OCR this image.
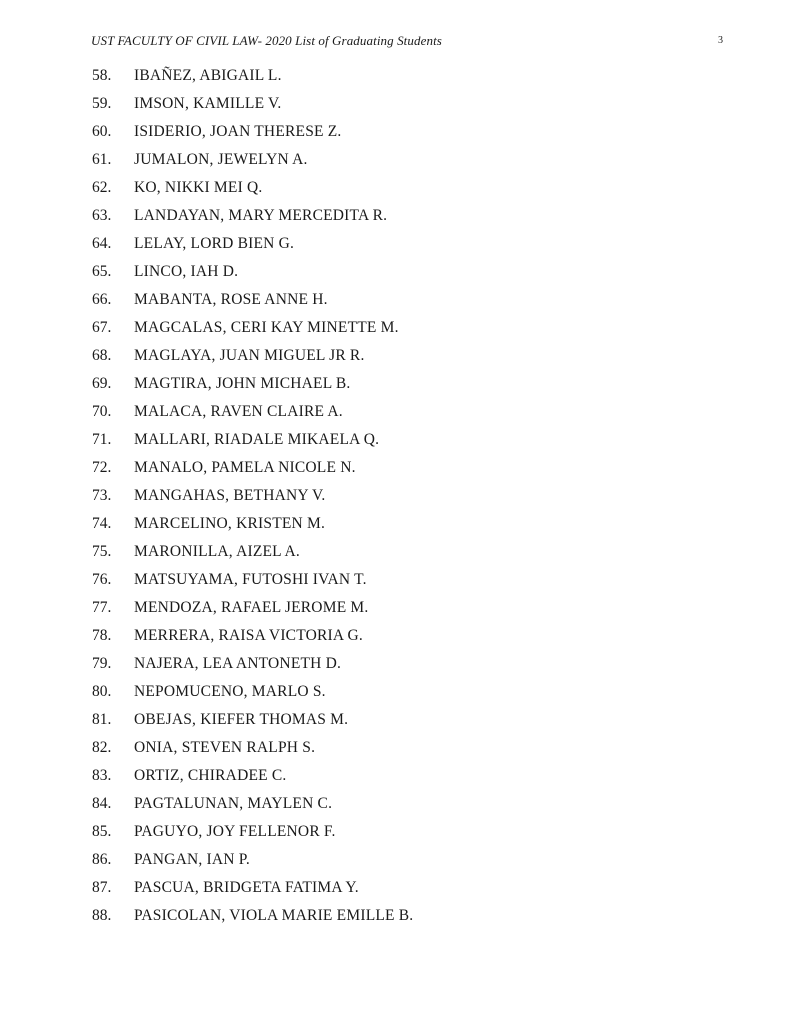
UST FACULTY OF CIVIL LAW- 2020 List of Graduating Students	3
58.	IBAÑEZ, ABIGAIL L.
59.	IMSON, KAMILLE V.
60.	ISIDERIO, JOAN THERESE Z.
61.	JUMALON, JEWELYN A.
62.	KO, NIKKI MEI Q.
63.	LANDAYAN, MARY MERCEDITA R.
64.	LELAY, LORD BIEN G.
65.	LINCO, IAH D.
66.	MABANTA, ROSE ANNE H.
67.	MAGCALAS, CERI KAY MINETTE M.
68.	MAGLAYA, JUAN MIGUEL JR R.
69.	MAGTIRA, JOHN MICHAEL B.
70.	MALACA, RAVEN CLAIRE A.
71.	MALLARI, RIADALE MIKAELA Q.
72.	MANALO, PAMELA NICOLE N.
73.	MANGAHAS, BETHANY V.
74.	MARCELINO, KRISTEN M.
75.	MARONILLA, AIZEL A.
76.	MATSUYAMA, FUTOSHI IVAN T.
77.	MENDOZA, RAFAEL JEROME M.
78.	MERRERA, RAISA VICTORIA G.
79.	NAJERA, LEA ANTONETH D.
80.	NEPOMUCENO, MARLO S.
81.	OBEJAS, KIEFER THOMAS M.
82.	ONIA, STEVEN RALPH S.
83.	ORTIZ, CHIRADEE C.
84.	PAGTALUNAN, MAYLEN C.
85.	PAGUYO, JOY FELLENOR F.
86.	PANGAN, IAN P.
87.	PASCUA, BRIDGETA FATIMA Y.
88.	PASICOLAN, VIOLA MARIE EMILLE B.
